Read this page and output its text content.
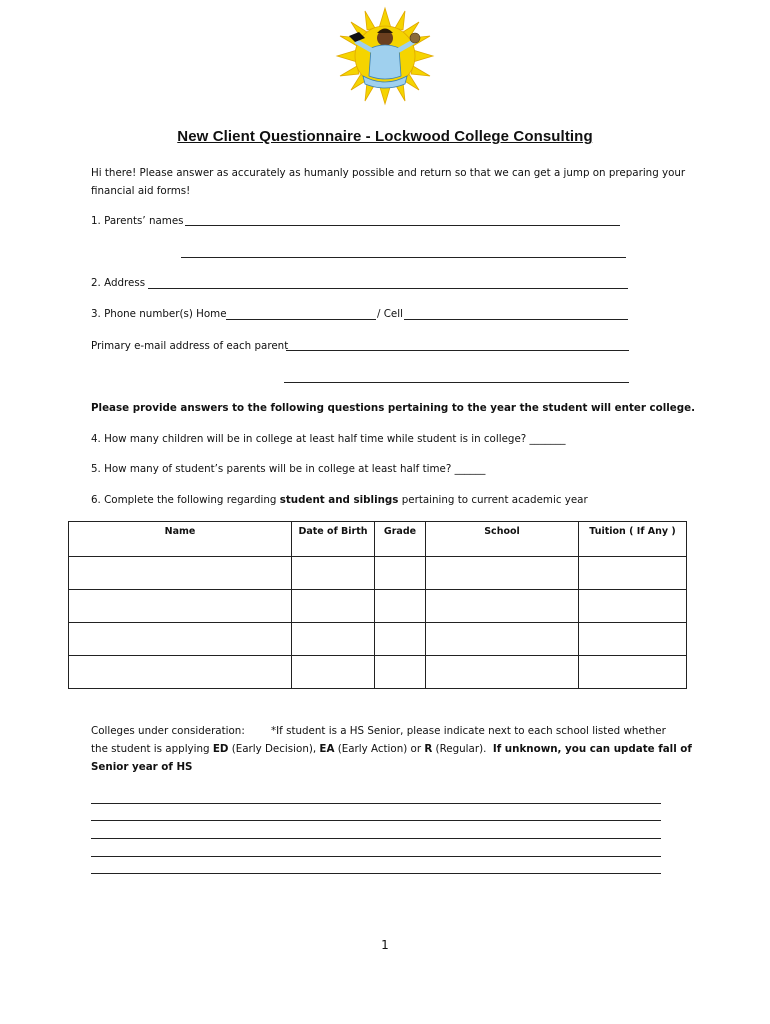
New Client Questionnaire - Lockwood College Consulting
Hi there! Please answer as accurately as humanly possible and return so that we can get a jump on preparing your financial aid forms!
1. Parents’ names
2. Address
3. Phone number(s) Home	/ Cell
Primary e-mail address of each parent
Please provide answers to the following questions pertaining to the year the student will enter college.
4. How many children will be in college at least half time while student is in college? _______
5. How many of student’s parents will be in college at least half time? ______
6. Complete the following regarding student and siblings pertaining to current academic year
Name	Date of Birth	Grade	School	Tuition ( If Any )

Colleges under consideration:	*If student is a HS Senior, please indicate next to each school listed whether
the student is applying ED (Early Decision), EA (Early Action) or R (Regular).  If unknown, you can update fall of
Senior year of HS
1
